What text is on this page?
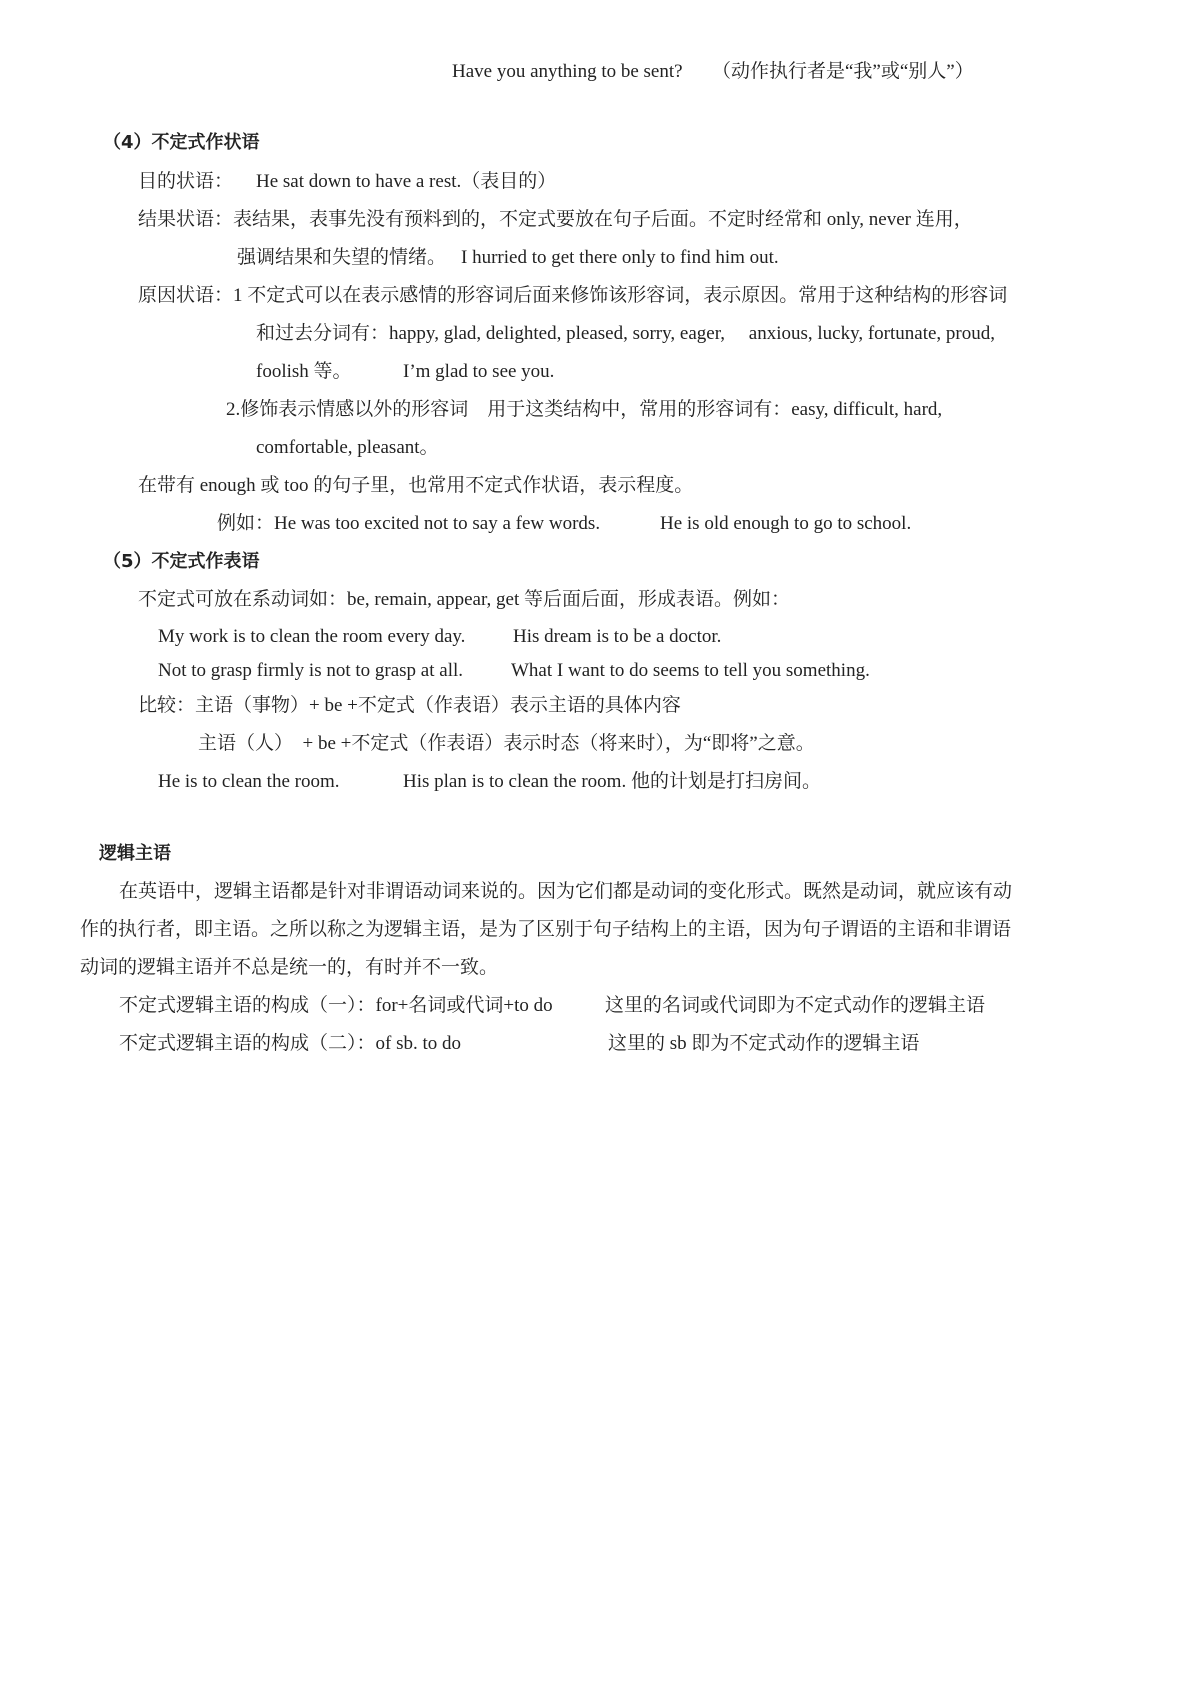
Have you anything to be sent? （动作执行者是“我”或“别人”）
（4）不定式作状语
目的状语： He sat down to have a rest.（表目的）
结果状语：表结果，表事先没有预料到的，不定式要放在句子后面。不定时经常和 only, never 连用，
强调结果和失望的情绪。 I hurried to get there only to find him out.
原因状语：1 不定式可以在表示感情的形容词后面来修饰该形容词，表示原因。常用于这种结构的形容词
和过去分词有：happy, glad, delighted, pleased, sorry, eager,　 anxious, lucky, fortunate, proud,
foolish 等。	I’m glad to see you.
2.修饰表示情感以外的形容词　用于这类结构中，常用的形容词有：easy, difficult, hard,
comfortable, pleasant。
在带有 enough 或 too 的句子里，也常用不定式作状语，表示程度。
例如：He was too excited not to say a few words.	He is old enough to go to school.
（5）不定式作表语
不定式可放在系动词如：be, remain, appear, get 等后面后面，形成表语。例如：
My work is to clean the room every day.	His dream is to be a doctor.
Not to grasp firmly is not to grasp at all.	What I want to do seems to tell you something.
比较：主语（事物）+ be +不定式（作表语）表示主语的具体内容
主语（人）　+ be +不定式（作表语）表示时态（将来时），为“即将”之意。
He is to clean the room.	His plan is to clean the room. 他的计划是打扫房间。
逻辑主语
在英语中，逻辑主语都是针对非谓语动词来说的。因为它们都是动词的变化形式。既然是动词，就应该有动
作的执行者，即主语。之所以称之为逻辑主语，是为了区别于句子结构上的主语，因为句子谓语的主语和非谓语
动词的逻辑主语并不总是统一的，有时并不一致。
不定式逻辑主语的构成（一）：for+名词或代词+to do	这里的名词或代词即为不定式动作的逻辑主语
不定式逻辑主语的构成（二）：of sb. to do	这里的 sb 即为不定式动作的逻辑主语
